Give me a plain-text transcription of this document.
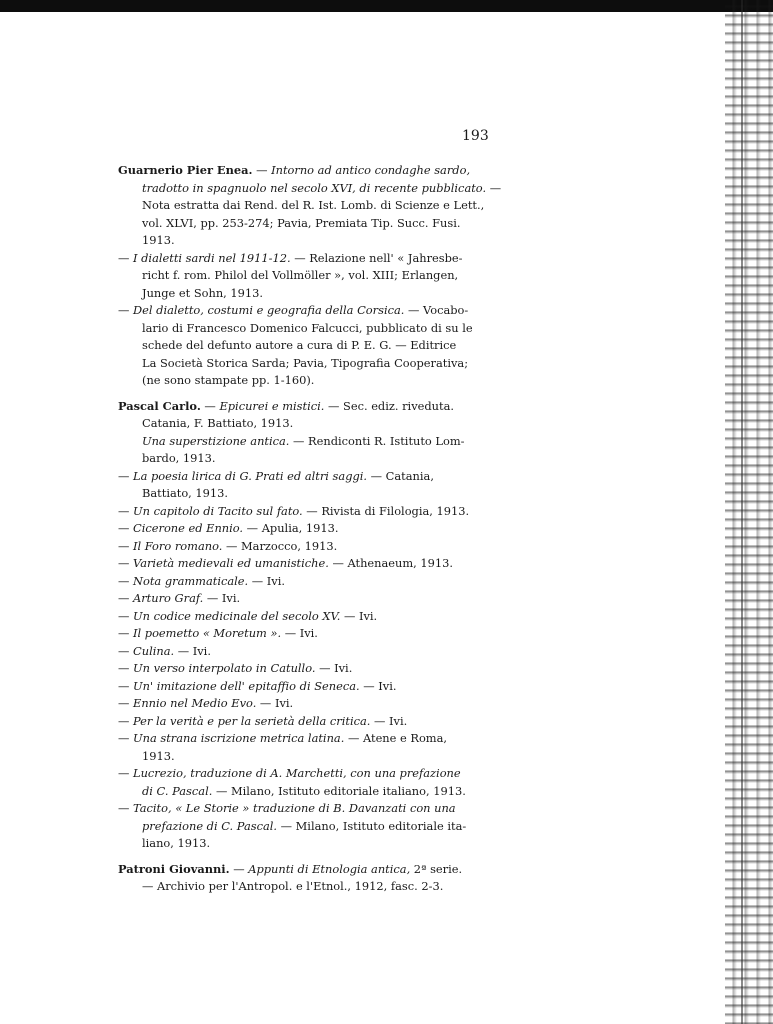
193
Guarnerio Pier Enea. — Intorno ad antico condaghe sardo,
tradotto in spagnuolo nel secolo XVI, di recente pubblicato. —
Nota estratta dai Rend. del R. Ist. Lomb. di Scienze e Lett.,
vol. XLVI, pp. 253-274; Pavia, Premiata Tip. Succ. Fusi.
1913.
— I dialetti sardi nel 1911-12. — Relazione nell' « Jahresbe-
richt f. rom. Philol del Vollmöller », vol. XIII; Erlangen,
Junge et Sohn, 1913.
— Del dialetto, costumi e geografia della Corsica. — Vocabo-
lario di Francesco Domenico Falcucci, pubblicato di su le
schede del defunto autore a cura di P. E. G. — Editrice
La Società Storica Sarda; Pavia, Tipografia Cooperativa;
(ne sono stampate pp. 1-160).
Pascal Carlo. — Epicurei e mistici. — Sec. ediz. riveduta.
Catania, F. Battiato, 1913.
Una superstizione antica. — Rendiconti R. Istituto Lom-
bardo, 1913.
— La poesia lirica di G. Prati ed altri saggi. — Catania,
Battiato, 1913.
— Un capitolo di Tacito sul fato. — Rivista di Filologia, 1913.
— Cicerone ed Ennio. — Apulia, 1913.
— Il Foro romano. — Marzocco, 1913.
— Varietà medievali ed umanistiche. — Athenaeum, 1913.
— Nota grammaticale. — Ivi.
— Arturo Graf. — Ivi.
— Un codice medicinale del secolo XV. — Ivi.
— Il poemetto « Moretum ». — Ivi.
— Culina. — Ivi.
— Un verso interpolato in Catullo. — Ivi.
— Un' imitazione dell' epitaffio di Seneca. — Ivi.
— Ennio nel Medio Evo. — Ivi.
— Per la verità e per la serietà della critica. — Ivi.
— Una strana iscrizione metrica latina. — Atene e Roma,
1913.
— Lucrezio, traduzione di A. Marchetti, con una prefazione
di C. Pascal. — Milano, Istituto editoriale italiano, 1913.
— Tacito, « Le Storie » traduzione di B. Davanzati con una
prefazione di C. Pascal. — Milano, Istituto editoriale ita-
liano, 1913.
Patroni Giovanni. — Appunti di Etnologia antica, 2ª serie.
— Archivio per l'Antropol. e l'Etnol., 1912, fasc. 2-3.
